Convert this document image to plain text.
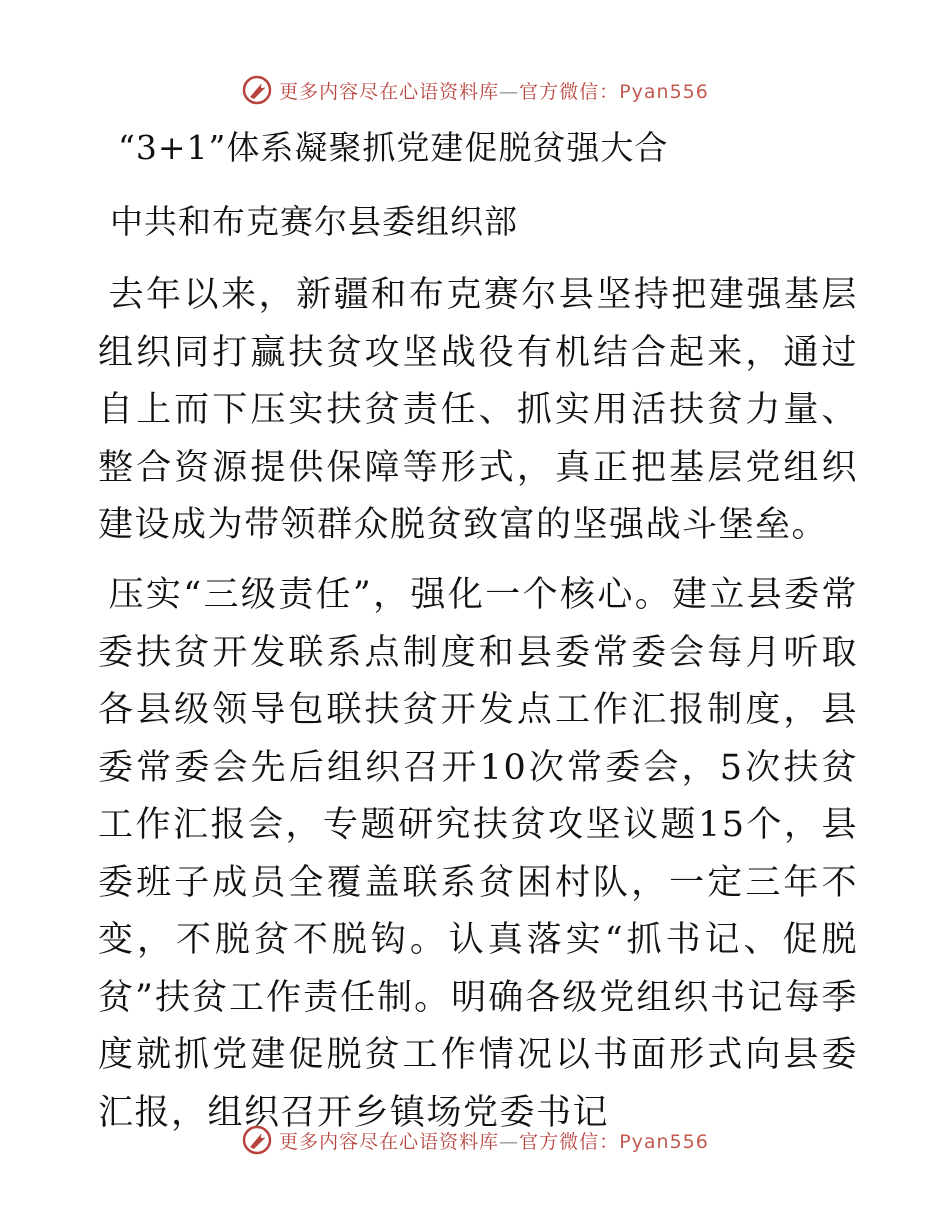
更多内容尽在心语资料库—官方微信：Pyan556
“3+1”体系凝聚抓党建促脱贫强大合
中共和布克赛尔县委组织部

去年以来，新疆和布克赛尔县坚持把建强基层组织同打赢扶贫攻坚战役有机结合起来，通过自上而下压实扶贫责任、抓实用活扶贫力量、整合资源提供保障等形式，真正把基层党组织建设成为带领群众脱贫致富的坚强战斗堡垒。

压实“三级责任”，强化一个核心。建立县委常委扶贫开发联系点制度和县委常委会每月听取各县级领导包联扶贫开发点工作汇报制度，县委常委会先后组织召开10次常委会，5次扶贫工作汇报会，专题研究扶贫攻坚议题15个，县委班子成员全覆盖联系贫困村队，一定三年不变，不脱贫不脱钩。认真落实“抓书记、促脱贫”扶贫工作责任制。明确各级党组织书记每季度就抓党建促脱贫工作情况以书面形式向县委汇报，组织召开乡镇场党委书记

更多内容尽在心语资料库—官方微信：Pyan556
